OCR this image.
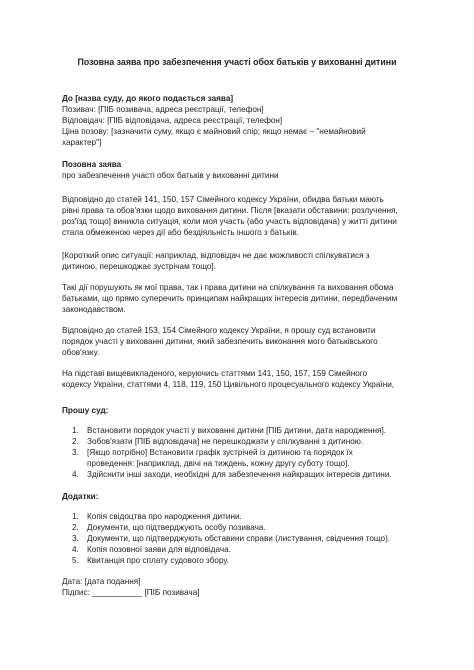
Позовна заява про забезпечення участі обох батьків у вихованні дитини

До [назва суду, до якого подається заява]

Позивач: [ПІБ позивача, адреса реєстрації, телефон]

Відповідач: [ПІБ відповідача, адреса реєстрації, телефон]

Ціна позову: [зазначити суму, якщо є майновий спір; якщо немає – "немайновий

характер"]

Позовна заява

про забезпечення участі обох батьків у вихованні дитини

Відповідно до статей 141, 150, 157 Сімейного кодексу України, обидва батьки мають

рівні права та обов'язки щодо виховання дитини. Після [вказати обставини: розлучення,

роз'їзд тощо] виникла ситуація, коли моя участь (або участь відповідача) у житті дитини

стала обмеженою через дії або бездіяльність іншого з батьків.

[Короткий опис ситуації: наприклад, відповідач не дає можливості спілкуватися з

дитиною, перешкоджає зустрічам тощо].

Такі дії порушують як мої права, так і права дитини на спілкування та виховання обома

батьками, що прямо суперечить принципам найкращих інтересів дитини, передбаченим

законодавством.

Відповідно до статей 153, 154 Сімейного кодексу України, я прошу суд встановити

порядок участі у вихованні дитини, який забезпечить виконання мого батьківського

обов'язку.

На підставі вищевикладеного, керуючись статтями 141, 150, 157, 159 Сімейного

кодексу України, статтями 4, 118, 119, 150 Цивільного процесуального кодексу України,

Прошу суд:
1. Встановити порядок участі у вихованні дитини [ПІБ дитини, дата народження].
2. Зобов'язати [ПІБ відповідача] не перешкоджати у спілкуванні з дитиною.
3. [Якщо потрібно] Встановити графік зустрічей із дитиною та порядок їх
проведення: [наприклад, двічі на тиждень, кожну другу суботу тощо].
4. Здійснити інші заходи, необхідні для забезпечення найкращих інтересів дитини.
Додатки:
1. Копія свідоцтва про народження дитини.
2. Документи, що підтверджують особу позивача.
3. Документи, що підтверджують обставини справи (листування, свідчення тощо).
4. Копія позовної заяви для відповідача.
5. Квитанція про сплату судового збору.

Дата: [дата подання]

Підпис: ___________ [ПІБ позивача]
